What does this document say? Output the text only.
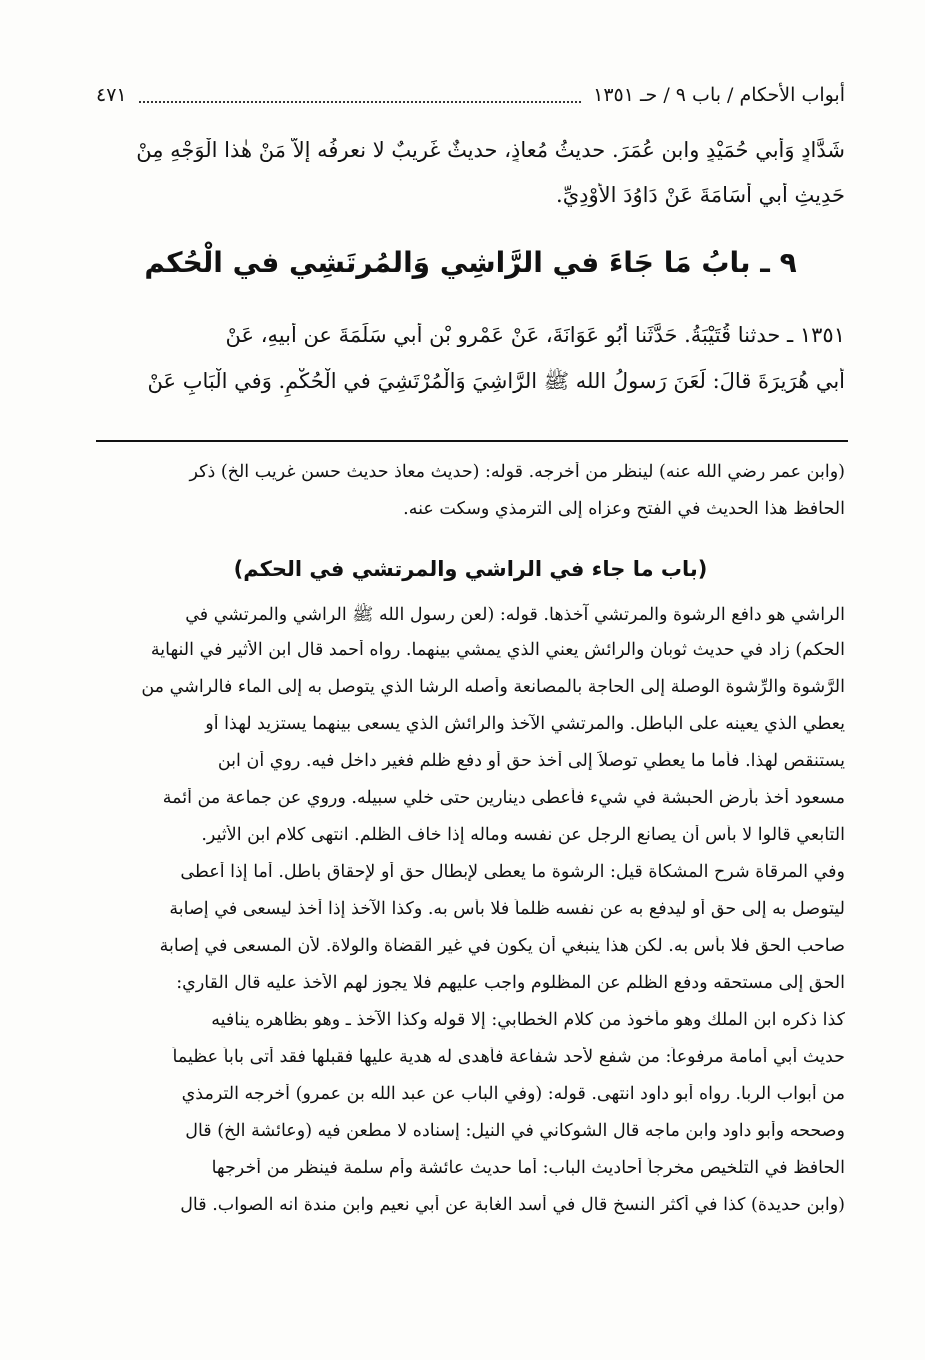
أبواب الأحكام / باب ٩ / حـ ١٣٥١
٤٧١
شَدَّادٍ وَأَبي حُمَيْدٍ وابنِ عُمَرَ. حديثُ مُعاذٍ، حديثٌ غَريبٌ لا نعرفُه إلاَّ مَنْ هٰذا الْوَجْهِ مِنْ
حَدِيثِ أبي أُسَامَةَ عَنْ دَاوُدَ الأَوْدِيِّ.
٩ ـ بابُ مَا جَاءَ في الرَّاشِي وَالمُرتَشِي في الْحُكم
١٣٥١ ـ حدثنا قُتَيْبَةُ. حَدَّثَنا أَبُو عَوَانَةَ، عَنْ عَمْرِو بْنِ أَبي سَلَمَةَ عن أَبيهِ، عَنْ
أَبي هُرَيرَةَ قالَ: لَعَنَ رَسولُ الله ﷺ الرَّاشِيَ وَالْمُرْتَشِيَ في الْحُكْمِ. وَفي الْبَابِ عَنْ
(وابن عمر رضي الله عنه) لينظر من أخرجه. قوله: (حديث معاذ حديث حسن غريب الخ) ذكر
الحافظ هذا الحديث في الفتح وعزاه إلى الترمذي وسكت عنه.
(باب ما جاء في الراشي والمرتشي في الحكم)
الراشي هو دافع الرشوة والمرتشي آخذها. قوله: (لعن رسول الله ﷺ الراشي والمرتشي في
الحكم) زاد في حديث ثوبان والرائش يعني الذي يمشي بينهما. رواه أحمد قال ابن الأثير في النهاية
الرَّشوة والرِّشوة الوصلة إلى الحاجة بالمصانعة وأصله الرشا الذي يتوصل به إلى الماء فالراشي من
يعطي الذي يعينه على الباطل. والمرتشي الآخذ والرائش الذي يسعى بينهما يستزيد لهذا أو
يستنقص لهذا. فأما ما يعطي توصلاً إلى أخذ حق أو دفع ظلم فغير داخل فيه. روي أن ابن
مسعود أُخذ بأرض الحبشة في شيء فأعطى دينارين حتى خلي سبيله. وروي عن جماعة من أئمة
التابعي قالوا لا بأس أن يصانع الرجل عن نفسه وماله إذا خاف الظلم. انتهى كلام ابن الأثير.
وفي المرقاة شرح المشكاة قيل: الرشوة ما يعطى لإبطال حق أو لإحقاق باطل. أما إذا أعطى
ليتوصل به إلى حق أو ليدفع به عن نفسه ظلماً فلا بأس به. وكذا الآخذ إذا أخذ ليسعى في إصابة
صاحب الحق فلا بأس به. لكن هذا ينبغي أن يكون في غير القضاة والولاة. لأن المسعى في إصابة
الحق إلى مستحقه ودفع الظلم عن المظلوم واجب عليهم فلا يجوز لهم الأخذ عليه قال القاري:
كذا ذكره ابن الملك وهو مأخوذ من كلام الخطابي: إلا قوله وكذا الآخذ ـ وهو بظاهره ينافيه
حديث أبي أمامة مرفوعاً: من شفع لأحد شفاعة فأهدى له هدية عليها فقبلها فقد أتى باباً عظيماً
من أبواب الربا. رواه أبو داود انتهى. قوله: (وفي الباب عن عبد الله بن عمرو) أخرجه الترمذي
وصححه وأبو داود وابن ماجه قال الشوكاني في النيل: إسناده لا مطعن فيه (وعائشة الخ) قال
الحافظ في التلخيص مخرجاً أحاديث الباب: أما حديث عائشة وأم سلمة فينظر من أخرجها
(وابن حديدة) كذا في أكثر النسخ قال في أسد الغابة عن أبي نعيم وابن مندة انه الصواب. قال
